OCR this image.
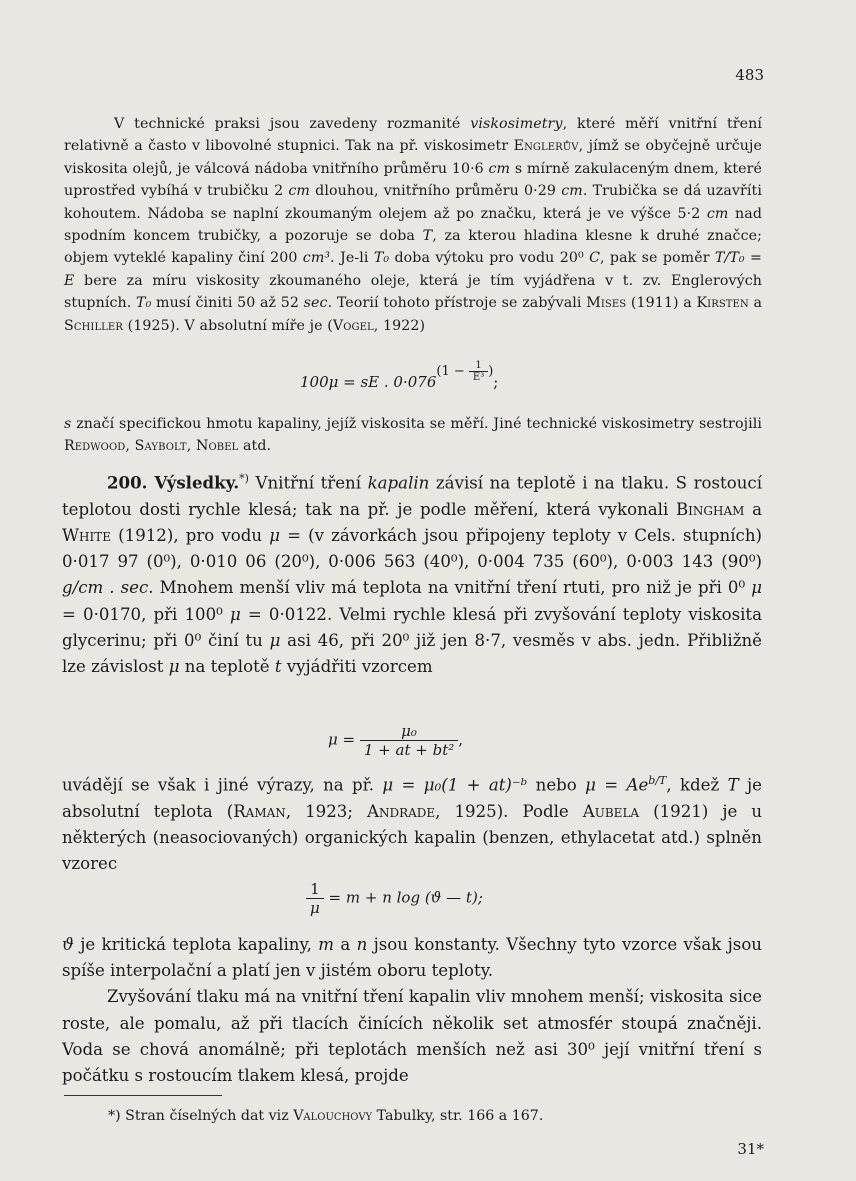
483

V technické praksi jsou zavedeny rozmanité viskosimetry, které měří vnitřní tření relativně a často v libovolné stupnici. Tak na př. viskosimetr Englerův, jímž se obyčejně určuje viskosita olejů, je válcová nádoba vnitřního průměru 10·6 cm s mírně zakulaceným dnem, které uprostřed vybíhá v trubičku 2 cm dlouhou, vnitřního průměru 0·29 cm. Trubička se dá uzavříti kohoutem. Nádoba se naplní zkoumaným olejem až po značku, která je ve výšce 5·2 cm nad spodním koncem trubičky, a pozoruje se doba T, za kterou hladina klesne k druhé značce; objem vyteklé kapaliny činí 200 cm³. Je-li T₀ doba výtoku pro vodu 20⁰ C, pak se poměr T/T₀ = E bere za míru viskosity zkoumaného oleje, která je tím vyjádřena v t. zv. Englerových stupních. T₀ musí činiti 50 až 52 sec. Teorií tohoto přístroje se zabývali Mises (1911) a Kirsten a Schiller (1925). V absolutní míře je (Vogel, 1922)

100μ = sE . $0\cdot 076(1 - \frac{1}{\text{E³}}$ );

s značí specifickou hmotu kapaliny, jejíž viskosita se měří. Jiné technické viskosimetry sestrojili Redwood, Saybolt, Nobel atd.

200. Výsledky.*) Vnitřní tření kapalin závisí na teplotě i na tlaku. S rostoucí teplotou dosti rychle klesá; tak na př. je podle měření, která vykonali Bingham a White (1912), pro vodu μ = (v závorkách jsou připojeny teploty v Cels. stupních) 0·017 97 (0⁰), 0·010 06 (20⁰), 0·006 563 (40⁰), 0·004 735 (60⁰), 0·003 143 (90⁰) g/cm . sec. Mnohem menší vliv má teplota na vnitřní tření rtuti, pro niž je při 0⁰ μ = 0·0170, při 100⁰ μ = 0·0122. Velmi rychle klesá při zvyšování teploty viskosita glycerinu; při 0⁰ činí tu μ asi 46, při 20⁰ již jen 8·7, vesměs v abs. jedn. Přibližně lze závislost μ na teplotě t vyjádřiti vzorcem

$\mu = \frac{\text{μ₀}}{\text{1 + at + bt²}}$ ,

uvádějí se však i jiné výrazy, na př. μ = μ₀(1 + at)⁻ᵇ nebo $\mu = Ae^{b/T}$, kdež T je absolutní teplota (Raman, 1923; Andrade, 1925). Podle Aubela (1921) je u některých (neasociovaných) organických kapalin (benzen, ethylacetat atd.) splněn vzorec

$\frac{1}{\mu} = m + n$ log (ϑ — t);

ϑ je kritická teplota kapaliny, m a n jsou konstanty. Všechny tyto vzorce však jsou spíše interpolační a platí jen v jistém oboru teploty.

Zvyšování tlaku má na vnitřní tření kapalin vliv mnohem menší; viskosita sice roste, ale pomalu, až při tlacích činících několik set atmosfér stoupá značněji. Voda se chová anomálně; při teplotách menších než asi 30⁰ její vnitřní tření s počátku s rostoucím tlakem klesá, projde

*) Stran číselných dat viz Valouchovy Tabulky, str. 166 a 167.
31*
